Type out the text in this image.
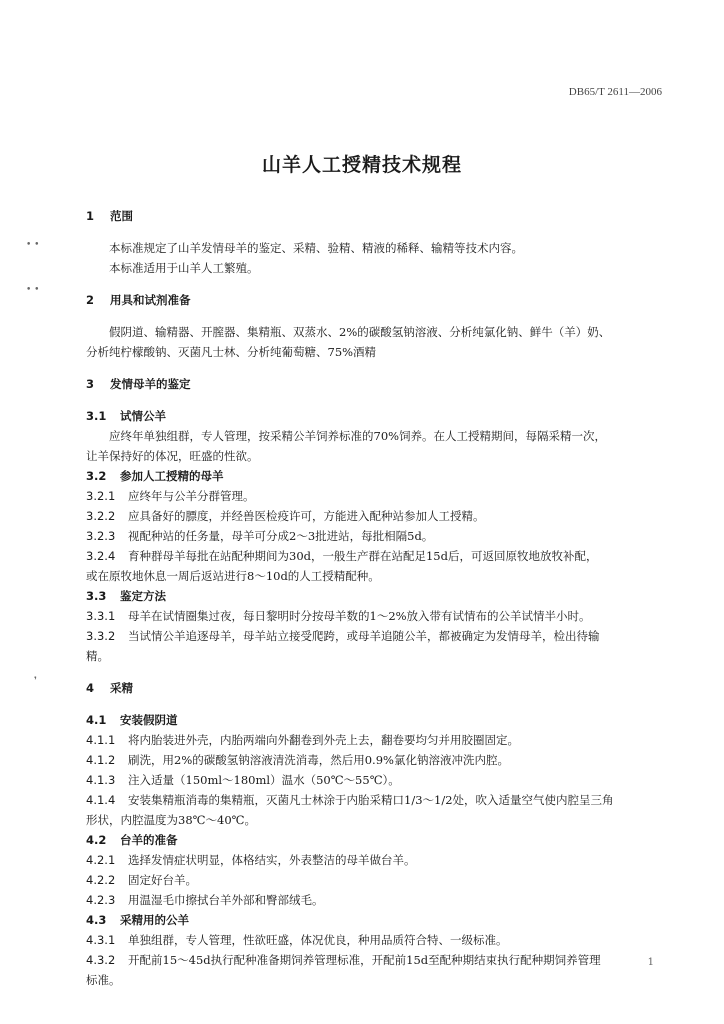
DB65/T 2611—2006
山羊人工授精技术规程
• •
• •
❜
1 范围

本标准规定了山羊发情母羊的鉴定、采精、验精、精液的稀释、输精等技术内容。

本标准适用于山羊人工繁殖。

2 用具和试剂准备

假阴道、输精器、开膣器、集精瓶、双蒸水、2%的碳酸氢钠溶液、分析纯氯化钠、鲜牛（羊）奶、

分析纯柠檬酸钠、灭菌凡士林、分析纯葡萄糖、75%酒精

3 发情母羊的鉴定
3.1 试情公羊

应终年单独组群，专人管理，按采精公羊饲养标准的70%饲养。在人工授精期间，每隔采精一次，

让羊保持好的体况，旺盛的性欲。

3.2 参加人工授精的母羊
3.2.1 应终年与公羊分群管理。
3.2.2 应具备好的膘度，并经兽医检疫许可，方能进入配种站参加人工授精。
3.2.3 视配种站的任务量，母羊可分成2～3批进站，每批相隔5d。
3.2.4 育种群母羊每批在站配种期间为30d，一般生产群在站配足15d后，可返回原牧地放牧补配，
或在原牧地休息一周后返站进行8～10d的人工授精配种。
3.3 鉴定方法
3.3.1 母羊在试情圈集过夜，每日黎明时分按母羊数的1～2%放入带有试情布的公羊试情半小时。
3.3.2 当试情公羊追逐母羊，母羊站立接受爬跨，或母羊追随公羊，都被确定为发情母羊，检出待输
精。
4 采精
4.1 安装假阴道
4.1.1 将内胎装进外壳，内胎两端向外翻卷到外壳上去，翻卷要均匀并用胶圈固定。
4.1.2 刷洗，用2%的碳酸氢钠溶液清洗消毒，然后用0.9%氯化钠溶液冲洗内腔。
4.1.3 注入适量（150ml～180ml）温水（50℃～55℃）。
4.1.4 安装集精瓶消毒的集精瓶，灭菌凡士林涂于内胎采精口1/3～1/2处，吹入适量空气使内腔呈三角
形状，内腔温度为38℃～40℃。
4.2 台羊的准备
4.2.1 选择发情症状明显，体格结实，外表整洁的母羊做台羊。
4.2.2 固定好台羊。
4.2.3 用温湿毛巾擦拭台羊外部和臀部绒毛。
4.3 采精用的公羊
4.3.1 单独组群，专人管理，性欲旺盛，体况优良，种用品质符合特、一级标准。
4.3.2 开配前15～45d执行配种准备期饲养管理标准，开配前15d至配种期结束执行配种期饲养管理
标准。
1
